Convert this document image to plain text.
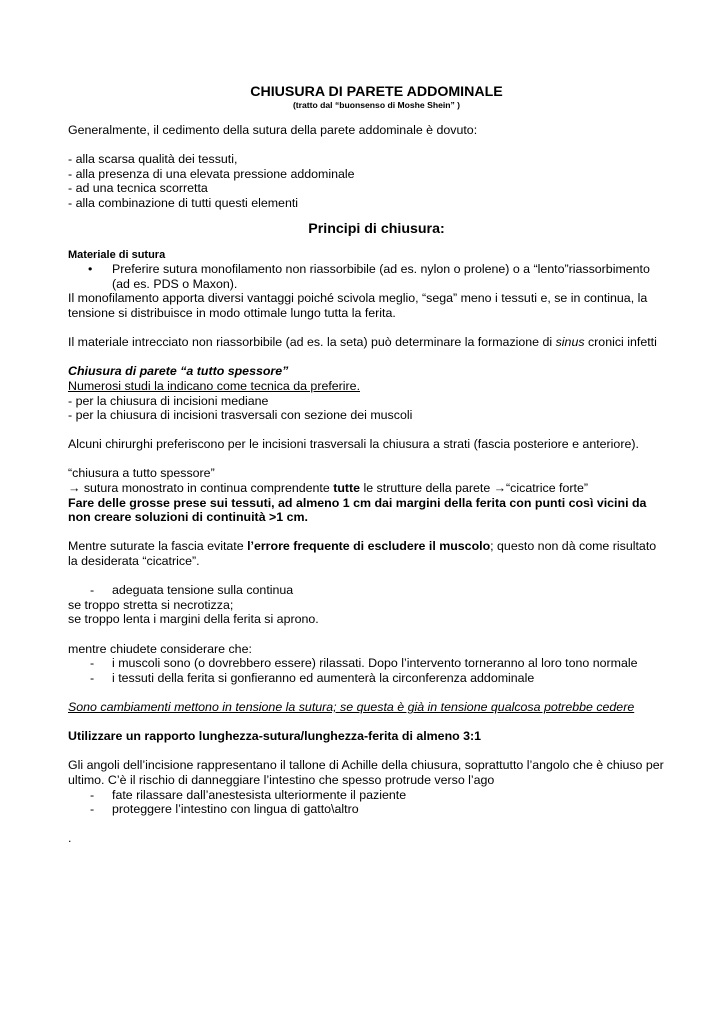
CHIUSURA DI PARETE ADDOMINALE

(tratto dal “buonsenso di Moshe Shein” )

Generalmente, il cedimento della sutura della parete addominale è dovuto:

- alla scarsa qualità dei tessuti,

- alla presenza di una elevata pressione addominale

- ad una tecnica scorretta

- alla combinazione di tutti questi elementi

Principi di chiusura:

Materiale di sutura

•	Preferire sutura monofilamento non riassorbibile (ad es. nylon o prolene) o a “lento”riassorbimento

(ad es. PDS o Maxon).

Il monofilamento apporta diversi vantaggi poiché scivola meglio, “sega” meno i tessuti e, se in continua, la

tensione si distribuisce in modo ottimale lungo tutta la ferita.

Il materiale intrecciato non riassorbibile (ad es. la seta) può determinare la formazione di sinus cronici infetti

Chiusura di parete “a tutto spessore”

Numerosi studi la indicano come tecnica da preferire.

- per la chiusura di incisioni mediane

- per la chiusura di incisioni trasversali con sezione dei muscoli

Alcuni chirurghi preferiscono per le incisioni trasversali la chiusura a strati (fascia posteriore e anteriore).

“chiusura a tutto spessore”

→ sutura monostrato in continua comprendente tutte le strutture della parete →“cicatrice forte”

Fare delle grosse prese sui tessuti, ad almeno 1 cm dai margini della ferita con punti così vicini da

non creare soluzioni di continuità >1 cm.

Mentre suturate la fascia evitate l’errore frequente di escludere il muscolo; questo non dà come risultato

la desiderata “cicatrice”.

-	adeguata tensione sulla continua

se troppo stretta si necrotizza;

se troppo lenta i margini della ferita si aprono.

mentre chiudete considerare che:

-	i muscoli sono (o dovrebbero essere) rilassati. Dopo l’intervento torneranno al loro tono normale
-	i tessuti della ferita si gonfieranno ed aumenterà la circonferenza addominale

Sono cambiamenti mettono in tensione la sutura; se questa è già in tensione qualcosa potrebbe cedere

Utilizzare un rapporto lunghezza-sutura/lunghezza-ferita di almeno 3:1

Gli angoli dell’incisione rappresentano il tallone di Achille della chiusura, soprattutto l’angolo che è chiuso per

ultimo. C’è il rischio di danneggiare l’intestino che spesso protrude verso l’ago

-	fate rilassare dall’anestesista ulteriormente il paziente
-	proteggere l’intestino con lingua di gatto\altro

.
